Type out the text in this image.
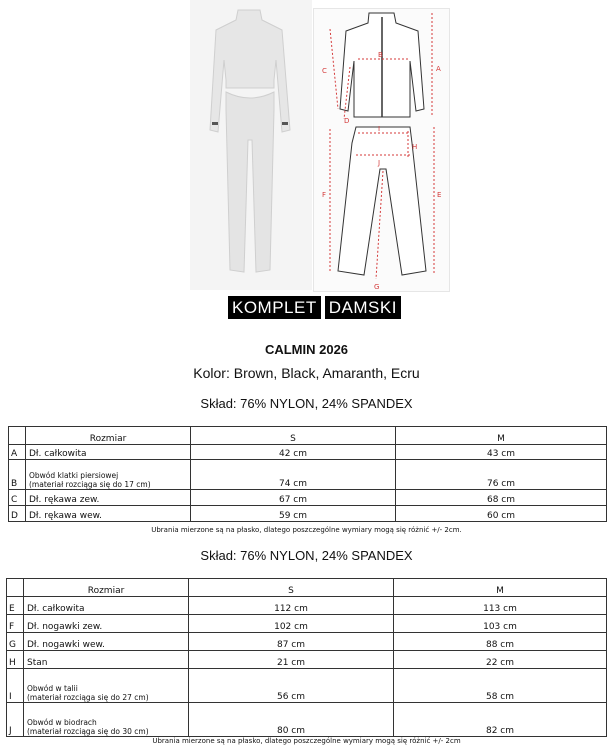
A
B
C
D
E
F
G
H
I
J
KOMPLET DAMSKI
CALMIN 2026
Kolor: Brown, Black, Amaranth, Ecru
Skład: 76% NYLON, 24% SPANDEX
	Rozmiar	S	M
A	Dł. całkowita	42 cm	43 cm
B	Obwód klatki piersiowej
(materiał rozciąga się do 17 cm)	74 cm	76 cm
C	Dł. rękawa zew.	67 cm	68 cm
D	Dł. rękawa wew.	59 cm	60 cm
Ubrania mierzone są na płasko, dlatego poszczególne wymiary mogą się różnić +/- 2cm.
Skład: 76% NYLON, 24% SPANDEX
	Rozmiar	S	M
E	Dł. całkowita	112 cm	113 cm
F	Dł. nogawki zew.	102 cm	103 cm
G	Dł. nogawki wew.	87 cm	88 cm
H	Stan	21 cm	22 cm
I	Obwód w talii
(materiał rozciąga się do 27 cm)	56 cm	58 cm
J	Obwód w biodrach
(materiał rozciąga się do 30 cm)	80 cm	82 cm
Ubrania mierzone są na płasko, dlatego poszczególne wymiary mogą się różnić +/- 2cm
